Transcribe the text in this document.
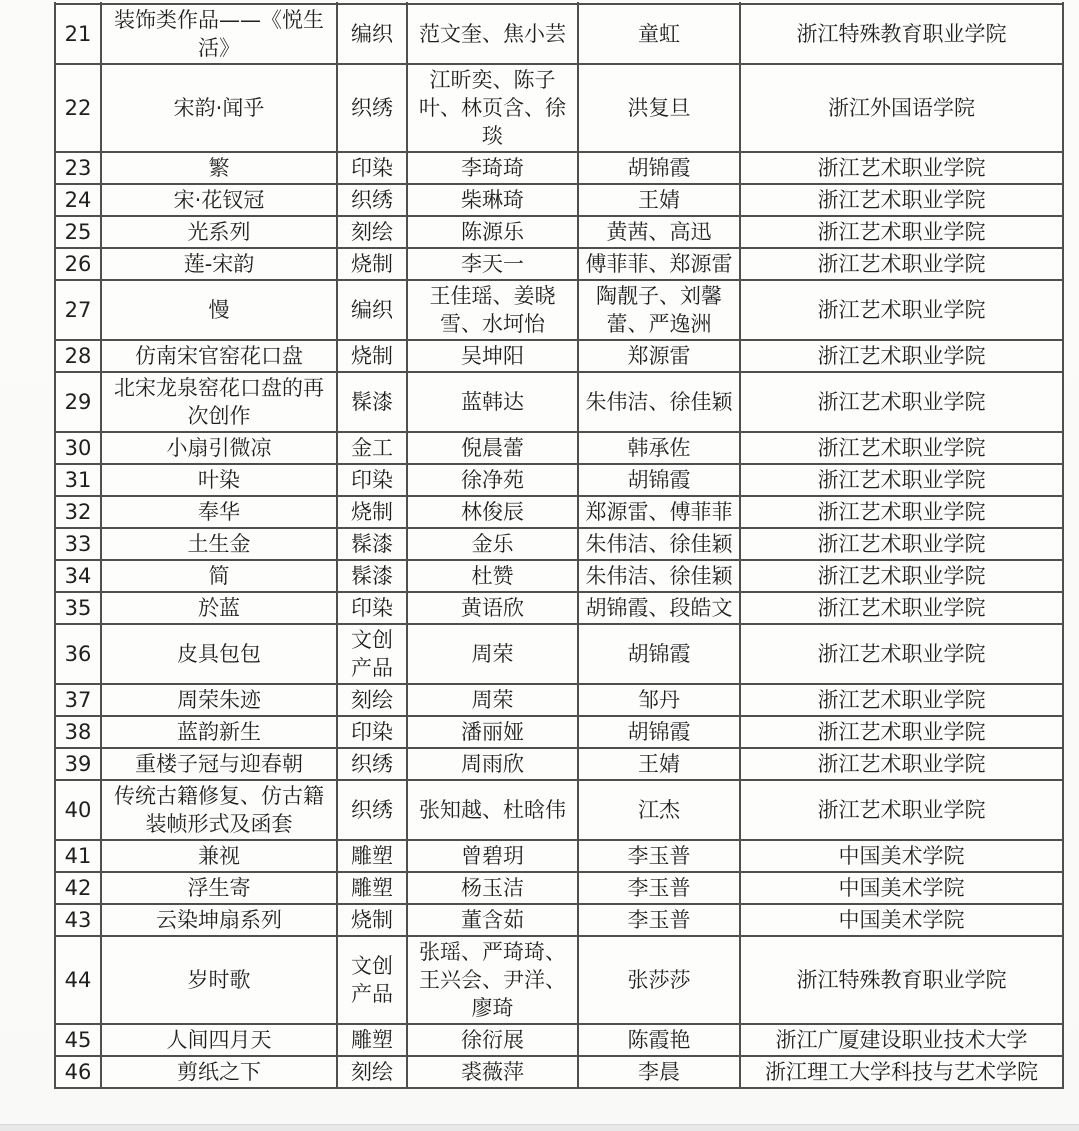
21	装饰类作品——《悦生活》	编织	范文奎、焦小芸	童虹	浙江特殊教育职业学院
22	宋韵·闻乎	织绣	江昕奕、陈子叶、林页含、徐琰	洪复旦	浙江外国语学院
23	繁	印染	李琦琦	胡锦霞	浙江艺术职业学院
24	宋·花钗冠	织绣	柴琳琦	王婧	浙江艺术职业学院
25	光系列	刻绘	陈源乐	黄茜、高迅	浙江艺术职业学院
26	莲-宋韵	烧制	李天一	傅菲菲、郑源雷	浙江艺术职业学院
27	慢	编织	王佳瑶、姜晓雪、水坷怡	陶靓子、刘馨蕾、严逸洲	浙江艺术职业学院
28	仿南宋官窑花口盘	烧制	吴坤阳	郑源雷	浙江艺术职业学院
29	北宋龙泉窑花口盘的再次创作	髹漆	蓝韩达	朱伟洁、徐佳颖	浙江艺术职业学院
30	小扇引微凉	金工	倪晨蕾	韩承佐	浙江艺术职业学院
31	叶染	印染	徐净苑	胡锦霞	浙江艺术职业学院
32	奉华	烧制	林俊辰	郑源雷、傅菲菲	浙江艺术职业学院
33	土生金	髹漆	金乐	朱伟洁、徐佳颖	浙江艺术职业学院
34	简	髹漆	杜赞	朱伟洁、徐佳颖	浙江艺术职业学院
35	於蓝	印染	黄语欣	胡锦霞、段皓文	浙江艺术职业学院
36	皮具包包	文创产品	周荣	胡锦霞	浙江艺术职业学院
37	周荣朱迹	刻绘	周荣	邹丹	浙江艺术职业学院
38	蓝韵新生	印染	潘丽娅	胡锦霞	浙江艺术职业学院
39	重楼子冠与迎春朝	织绣	周雨欣	王婧	浙江艺术职业学院
40	传统古籍修复、仿古籍装帧形式及函套	织绣	张知越、杜晗伟	江杰	浙江艺术职业学院
41	兼视	雕塑	曾碧玥	李玉普	中国美术学院
42	浮生寄	雕塑	杨玉洁	李玉普	中国美术学院
43	云染坤扇系列	烧制	董含茹	李玉普	中国美术学院
44	岁时歌	文创产品	张瑶、严琦琦、王兴会、尹洋、廖琦	张莎莎	浙江特殊教育职业学院
45	人间四月天	雕塑	徐衍展	陈霞艳	浙江广厦建设职业技术大学
46	剪纸之下	刻绘	裘薇萍	李晨	浙江理工大学科技与艺术学院
